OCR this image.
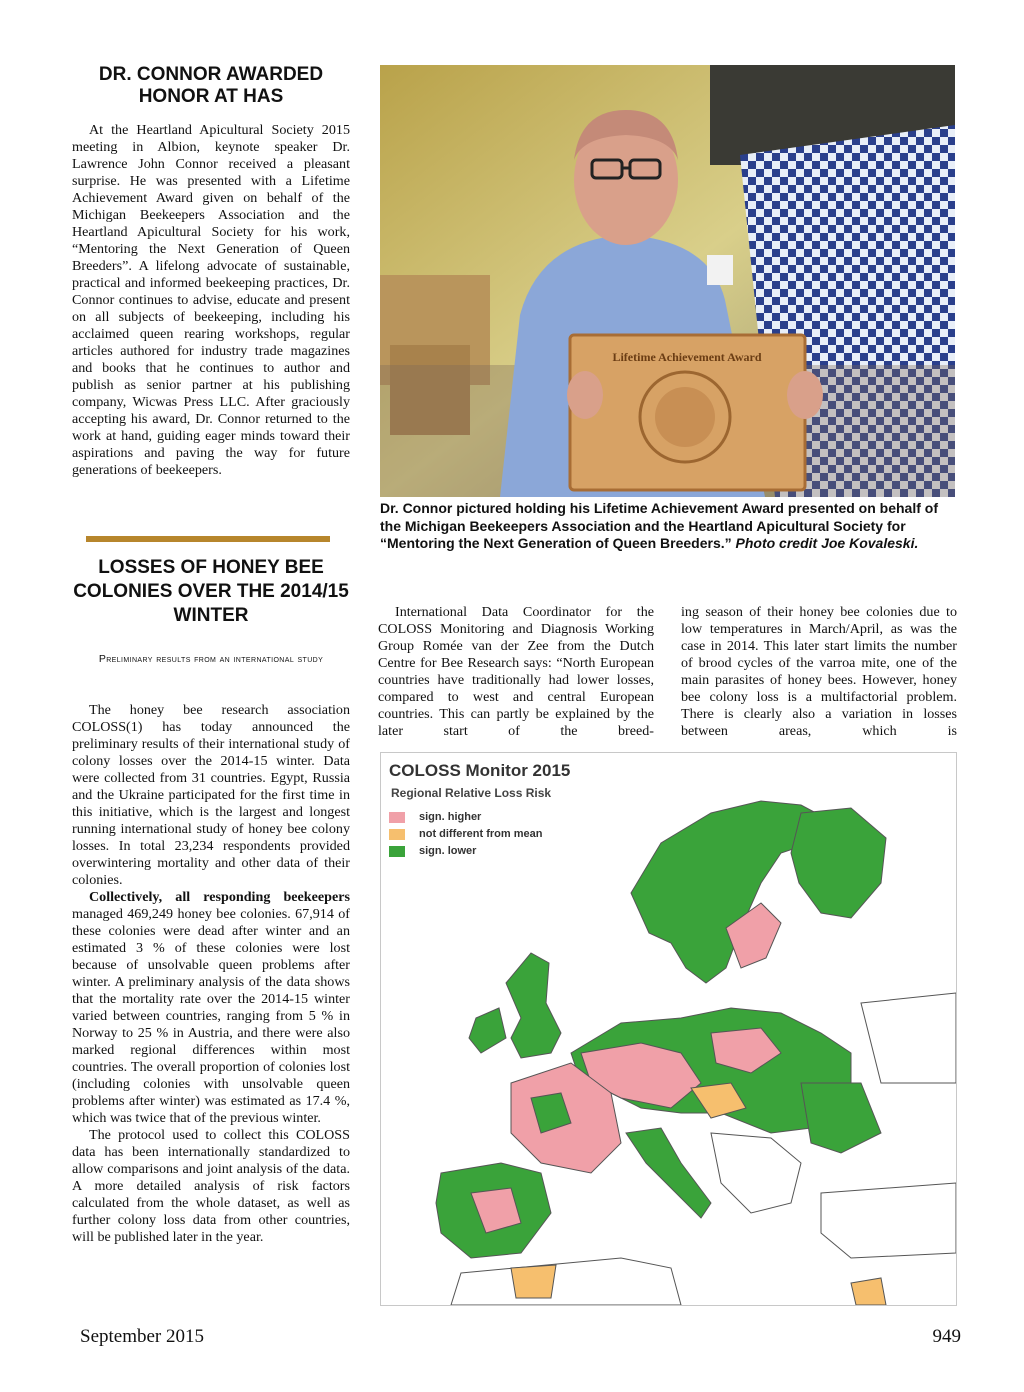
DR. CONNOR AWARDED HONOR AT HAS

At the Heartland Apicultural Society 2015 meeting in Albion, keynote speaker Dr. Lawrence John Connor received a pleasant surprise. He was presented with a Lifetime Achievement Award given on behalf of the Michigan Beekeepers Association and the Heartland Apicultural Society for his work, “Mentoring the Next Generation of Queen Breeders”. A lifelong advocate of sustainable, practical and informed beekeeping practices, Dr. Connor continues to advise, educate and present on all subjects of beekeeping, including his acclaimed queen rearing workshops, regular articles authored for industry trade magazines and books that he continues to author and publish as senior partner at his publishing company, Wicwas Press LLC. After graciously accepting his award, Dr. Connor returned to the work at hand, guiding eager minds toward their aspirations and paving the way for future generations of beekeepers.

LOSSES OF HONEY BEE COLONIES OVER THE 2014/15 WINTER
Preliminary results from an international study

The honey bee research association COLOSS(1) has today announced the preliminary results of their international study of colony losses over the 2014-15 winter. Data were collected from 31 countries. Egypt, Russia and the Ukraine participated for the first time in this initiative, which is the largest and longest running international study of honey bee colony losses. In total 23,234 respondents provided overwintering mortality and other data of their colonies.

Collectively, all responding beekeepers managed 469,249 honey bee colonies. 67,914 of these colonies were dead after winter and an estimated 3 % of these colonies were lost because of unsolvable queen problems after winter. A preliminary analysis of the data shows that the mortality rate over the 2014-15 winter varied between countries, ranging from 5 % in Norway to 25 % in Austria, and there were also marked regional differences within most countries. The overall proportion of colonies lost (including colonies with unsolvable queen problems after winter) was estimated as 17.4 %, which was twice that of the previous winter.

The protocol used to collect this COLOSS data has been internationally standardized to allow comparisons and joint analysis of the data. A more detailed analysis of risk factors calculated from the whole dataset, as well as further colony loss data from other countries, will be published later in the year.

Lifetime Achievement Award
Dr. Connor pictured holding his Lifetime Achievement Award presented on behalf of the Michigan Beekeepers Association and the Heartland Apicultural Society for “Mentoring the Next Generation of Queen Breeders.” Photo credit Joe Kovaleski.

International Data Coordinator for the COLOSS Monitoring and Diagnosis Working Group Romée van der Zee from the Dutch Centre for Bee Research says: “North European countries have traditionally had lower losses, compared to west and central European countries. This can partly be explained by the later start of the breed-

ing season of their honey bee colonies due to low temperatures in March/April, as was the case in 2014. This later start limits the number of brood cycles of the varroa mite, one of the main parasites of honey bees. However, honey bee colony loss is a multifactorial problem. There is clearly also a variation in losses between areas, which is

COLOSS Monitor 2015
Regional Relative Loss Risk
sign. higher
not different from mean
sign. lower
September 2015	949
